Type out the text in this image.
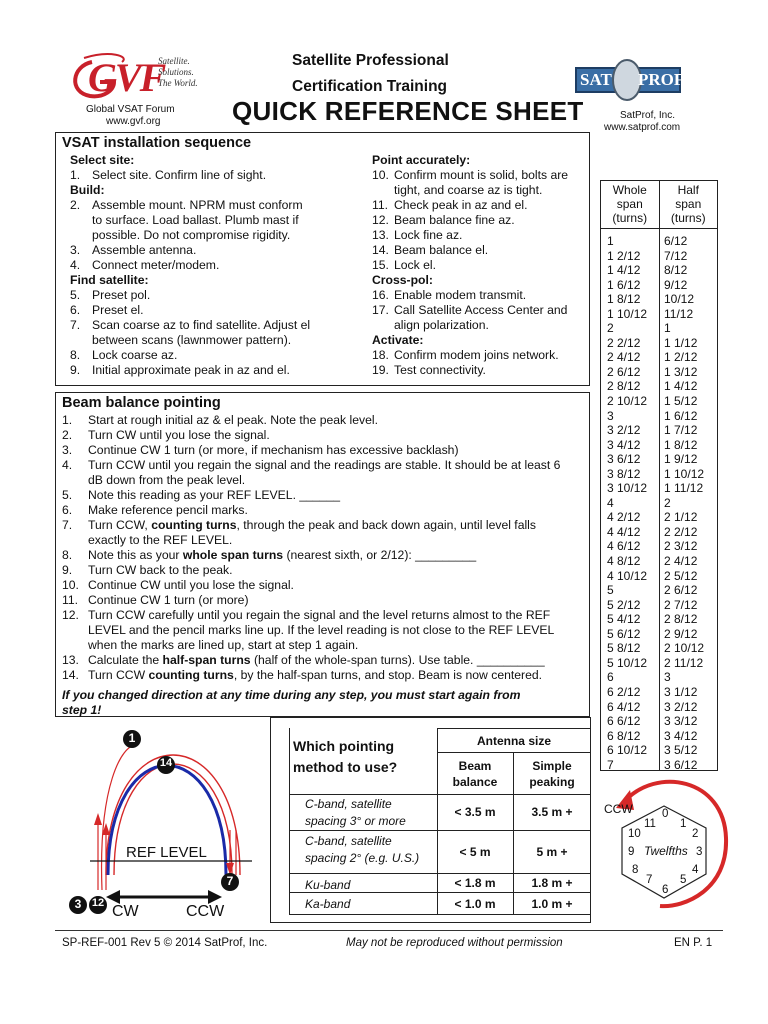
GVF
Satellite.
Solutions.
The World.
Global VSAT Forum
www.gvf.org
Satellite Professional
Certification Training
QUICK REFERENCE SHEET
SAT PROF
SatProf, Inc.
www.satprof.com
VSAT installation sequence
Select site:
1. Select site. Confirm line of sight.
Build:
2. Assemble mount. NPRM must conform
to surface. Load ballast. Plumb mast if
possible. Do not compromise rigidity.
3. Assemble antenna.
4. Connect meter/modem.
Find satellite:
5. Preset pol.
6. Preset el.
7. Scan coarse az to find satellite. Adjust el
between scans (lawnmower pattern).
8. Lock coarse az.
9. Initial approximate peak in az and el.
Point accurately:
10. Confirm mount is solid, bolts are
tight, and coarse az is tight.
11. Check peak in az and el.
12. Beam balance fine az.
13. Lock fine az.
14. Beam balance el.
15. Lock el.
Cross-pol:
16. Enable modem transmit.
17. Call Satellite Access Center and
align polarization.
Activate:
18. Confirm modem joins network.
19. Test connectivity.
Whole
span
(turns)
Half
span
(turns)
1	6/12
1 2/12	7/12
1 4/12	8/12
1 6/12	9/12
1 8/12	10/12
1 10/12	11/12
2	1
2 2/12	1 1/12
2 4/12	1 2/12
2 6/12	1 3/12
2 8/12	1 4/12
2 10/12	1 5/12
3	1 6/12
3 2/12	1 7/12
3 4/12	1 8/12
3 6/12	1 9/12
3 8/12	1 10/12
3 10/12	1 11/12
4	2
4 2/12	2 1/12
4 4/12	2 2/12
4 6/12	2 3/12
4 8/12	2 4/12
4 10/12	2 5/12
5	2 6/12
5 2/12	2 7/12
5 4/12	2 8/12
5 6/12	2 9/12
5 8/12	2 10/12
5 10/12	2 11/12
6	3
6 2/12	3 1/12
6 4/12	3 2/12
6 6/12	3 3/12
6 8/12	3 4/12
6 10/12	3 5/12
7	3 6/12
Beam balance pointing
1. Start at rough initial az & el peak. Note the peak level.
2. Turn CW until you lose the signal.
3. Continue CW 1 turn (or more, if mechanism has excessive backlash)
4. Turn CCW until you regain the signal and the readings are stable. It should be at least 6
dB down from the peak level.
5. Note this reading as your REF LEVEL. ______
6. Make reference pencil marks.
7. Turn CCW, counting turns, through the peak and back down again, until level falls
exactly to the REF LEVEL.
8. Note this as your whole span turns (nearest sixth, or 2/12): _________
9. Turn CW back to the peak.
10. Continue CW until you lose the signal.
11. Continue CW 1 turn (or more)
12. Turn CCW carefully until you regain the signal and the level returns almost to the REF
LEVEL and the pencil marks line up. If the level reading is not close to the REF LEVEL
when the marks are lined up, start at step 1 again.
13. Calculate the half-span turns (half of the whole-span turns). Use table. __________
14. Turn CCW counting turns, by the half-span turns, and stop. Beam is now centered.
If you changed direction at any time during any step, you must start again from
step 1!
1
14
7
3 12
REF LEVEL
CW	CCW
Which pointing
method to use?
Antenna size
Beam
balance
Simple
peaking
C-band, satellite
spacing 3° or more
< 3.5 m	3.5 m +
C-band, satellite
spacing 2° (e.g. U.S.)	< 5 m	5 m +
Ku-band	< 1.8 m	1.8 m +
Ka-band	< 1.0 m	1.0 m +
CCW
Twelfths
0
1
2
3
4
5
6
7
8
9
10
11
SP-REF-001 Rev 5 © 2014 SatProf, Inc.	May not be reproduced without permission	EN P. 1
